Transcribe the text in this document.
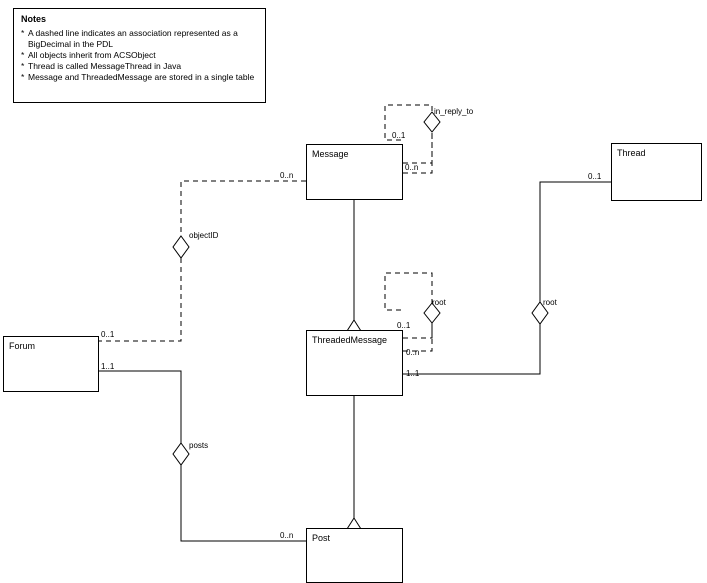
Notes
* A dashed line indicates an association represented as a BigDecimal in the PDL
* All objects inherit from ACSObject
* Thread is called MessageThread in Java
* Message and ThreadedMessage are stored in a single table
Message	Thread
Forum
ThreadedMessage
Post
in_reply_to
objectID
root	root
posts
0..1
0..n
0..n	0..1
0..1
1..1
0..1
0..n
1..1
0..n
